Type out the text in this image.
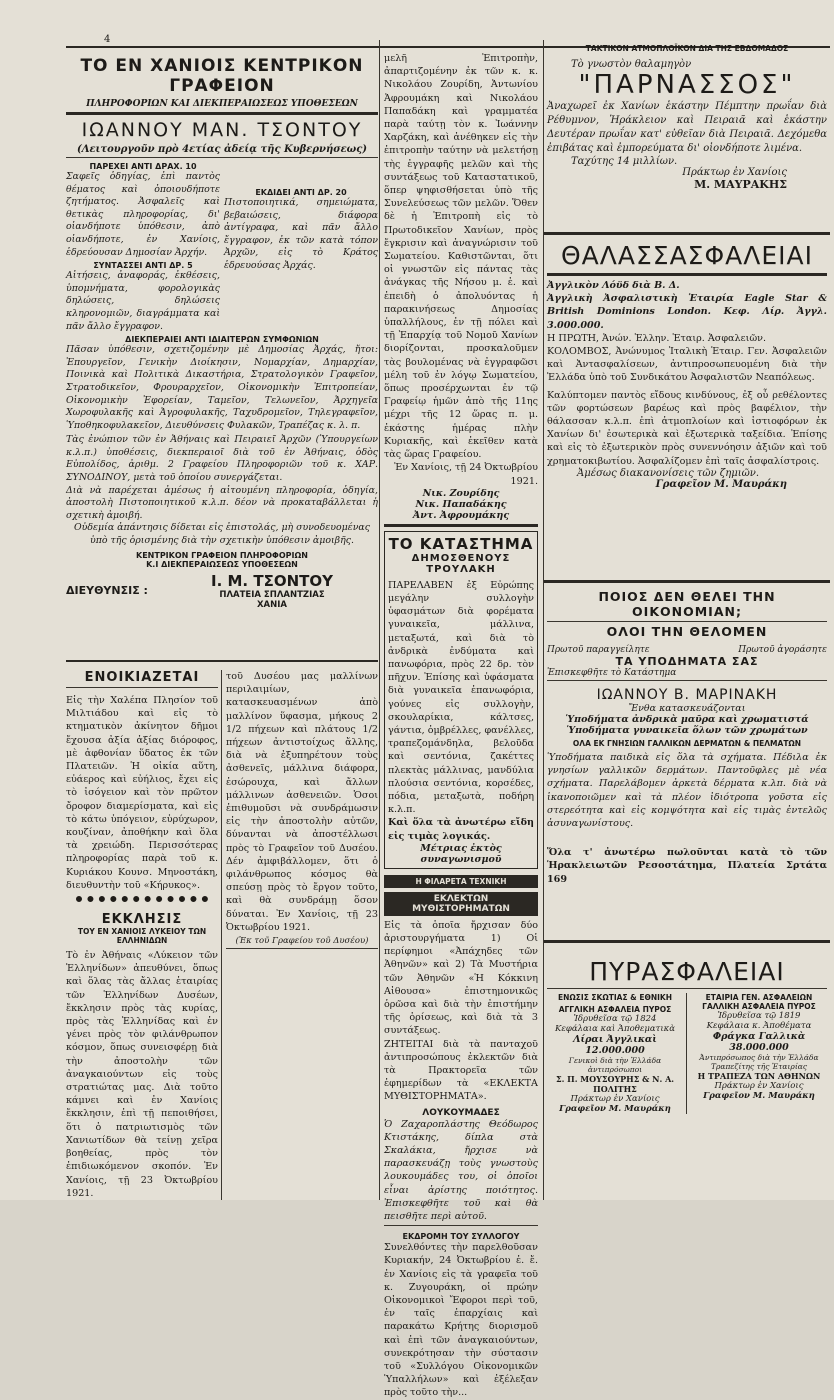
4

ΤΟ ΕΝ ΧΑΝΙΟΙΣ ΚΕΝΤΡΙΚΟΝ ΓΡΑΦΕΙΟΝ

ΠΛΗΡΟΦΟΡΙΩΝ ΚΑΙ ΔΙΕΚΠΕΡΑΙΩΣΕΩΣ ΥΠΟΘΕΣΕΩΝ

ΙΩΑΝΝΟΥ ΜΑΝ. ΤΣΟΝΤΟΥ

(Λειτουργοῦν πρὸ 4ετίας ἀδείᾳ τῆς Κυβερνήσεως)

ΠΑΡΕΧΕΙ ΑΝΤΙ ΔΡΑΧ. 10

Σαφεῖς ὁδηγίας, ἐπὶ παντὸς θέματος καὶ ὁποιουδήποτε ζητήματος. Ἀσφαλεῖς καὶ θετικὰς πληροφορίας, δι' οἱανδήποτε ὑπόθεσιν, ἀπὸ οἱανδήποτε, ἐν Χανίοις, ἑδρεύουσαν Δημοσίαν Ἀρχήν.

ΣΥΝΤΑΣΣΕΙ ΑΝΤΙ ΔΡ. 5

Αἰτήσεις, ἀναφοράς, ἐκθέσεις, ὑπομνήματα, φορολογικὰς δηλώσεις, δηλώσεις κληρονομιῶν, διαγράμματα καὶ πᾶν ἄλλο ἔγγραφον.

ΕΚΔΙΔΕΙ ΑΝΤΙ ΔΡ. 20

Πιστοποιητικά, σημειώματα, βεβαιώσεις, διάφορα ἀντίγραφα, καὶ πᾶν ἄλλο ἔγγραφον, ἐκ τῶν κατὰ τόπον Ἀρχῶν, εἰς τὸ Κράτος ἑδρευούσας Ἀρχάς.

ΔΙΕΚΠΕΡΑΙΕΙ ΑΝΤΙ ΙΔΙΑΙΤΕΡΩΝ ΣΥΜΦΩΝΙΩΝ

Πᾶσαν ὑπόθεσιν, σχετιζομένην μὲ Δημοσίας Ἀρχάς, ἤτοι: Ἐπουργεῖον, Γενικὴν Διοίκησιν, Νομαρχίαν, Δημαρχίαν, Ποινικὰ καὶ Πολιτικὰ Δικαστήρια, Στρατολογικὸν Γραφεῖον, Στρατοδικεῖον, Φρουραρχεῖον, Οἰκονομικὴν Ἐπιτροπείαν, Οἰκονομικὴν Ἐφορείαν, Ταμεῖον, Τελωνεῖον, Ἀρχηγεῖα Χωροφυλακῆς καὶ Ἀγροφυλακῆς, Ταχυδρομεῖον, Τηλεγραφεῖον, Ὑποθηκοφυλακεῖον, Διευθύνσεις Φυλακῶν, Τραπέζας κ. λ. π.

Τὰς ἐνώπιον τῶν ἐν Ἀθήναις καὶ Πειραιεῖ Ἀρχῶν (Ὑπουργείων κ.λ.π.) ὑποθέσεις, διεκπεραιοῖ διὰ τοῦ ἐν Ἀθήναις, ὁδὸς Εὐπολίδος, ἀριθμ. 2 Γραφείου Πληροφοριῶν τοῦ κ. ΧΑΡ. ΣΥΝΟΔΙΝΟΥ, μετὰ τοῦ ὁποίου συνεργάζεται.

Διὰ νὰ παρέχεται ἀμέσως ἡ αἰτουμένη πληροφορία, ὁδηγία, ἀποστολὴ Πιστοποιητικοῦ κ.λ.π. δέον νὰ προκαταβάλλεται ἡ σχετικὴ ἀμοιβή.

Οὐδεμία ἀπάντησις δίδεται εἰς ἐπιστολάς, μὴ συνοδευομένας ὑπὸ τῆς ὁρισμένης διὰ τὴν σχετικὴν ὑπόθεσιν ἀμοιβῆς.

ΚΕΝΤΡΙΚΟΝ ΓΡΑΦΕΙΟΝ ΠΛΗΡΟΦΟΡΙΩΝ

Κ.Ι ΔΙΕΚΠΕΡΑΙΩΣΕΩΣ ΥΠΟΘΕΣΕΩΝ

ΔΙΕΥΘΥΝΣΙΣ :

Ι. Μ. ΤΣΟΝΤΟΥ

ΠΛΑΤΕΙΑ ΣΠΛΑΝΤΖΙΑΣ

ΧΑΝΙΑ

ΕΝΟΙΚΙΑΖΕΤΑΙ

Εἰς τὴν Χαλέπα Πλησίον τοῦ Μιλτιάδου καὶ εἰς τὸ κτηματικὸν ἀκίνητον δῆμοι ἔχουσα ἀξία ἀξίας διόροφος, μὲ ἀφθονίαν ὕδατος ἐκ τῶν Πλατειῶν. Ἡ οἰκία αὕτη, εὐάερος καὶ εὐήλιος, ἔχει εἰς τὸ ἰσόγειον καὶ τὸν πρῶτον ὄροφον διαμερίσματα, καὶ εἰς τὸ κάτω ὑπόγειον, εὑρύχωρον, κουζίναν, ἀποθήκην καὶ ὅλα τὰ χρειώδη. Περισσότερας πληροφορίας παρὰ τοῦ κ. Κυριάκου Κουνσ. Μηνοστάκη, διευθυντὴν τοῦ «Κήρυκος».

ΕΚΚΛΗΣΙΣ

ΤΟΥ ΕΝ ΧΑΝΙΟΙΣ ΛΥΚΕΙΟΥ ΤΩΝ ΕΛΛΗΝΙΔΩΝ

Τὸ ἐν Ἀθήναις «Λύκειον τῶν Ἑλληνίδων» ἀπευθύνει, ὅπως καὶ ὅλας τὰς ἄλλας ἑταιρίας τῶν Ἑλληνίδων Δυσέων, ἔκκλησιν πρὸς τὰς κυρίας, πρὸς τὰς Ἑλληνίδας καὶ ἐν γένει πρὸς τὸν φιλάνθρωπον κόσμον, ὅπως συνεισφέρῃ διὰ τὴν ἀποστολὴν τῶν ἀναγκαιούντων εἰς τοὺς στρατιώτας μας. Διὰ τοῦτο κάμνει καὶ ἐν Χανίοις ἔκκλησιν, ἐπὶ τῇ πεποιθήσει, ὅτι ὁ πατριωτισμὸς τῶν Χανιωτίδων θὰ τείνῃ χεῖρα βοηθείας, πρὸς τὸν ἐπιδιωκόμενον σκοπόν. Ἐν Χανίοις, τῇ 23 Ὀκτωβρίου 1921.

τοῦ Δυσέου μας μαλλίνων περιλαιμίων, κατασκευασμένων ἀπὸ μαλλίνον ὕφασμα, μήκους 2 1/2 πήχεων καὶ πλάτους 1/2 πήχεων ἀντιστοίχως ἄλλης, διὰ νὰ ἐξυπηρέτουν τοὺς ἀσθενεῖς, μάλλινα διάφορα, ἐσώρουχα, καὶ ἄλλων μάλλινων ἀσθενειῶν. Ὁσοι ἐπιθυμοῦσι νὰ συνδράμωσιν εἰς τὴν ἀποστολὴν αὐτῶν, δύνανται νὰ ἀποστέλλωσι πρὸς τὸ Γραφεῖον τοῦ Δυσέου. Δέν ἀμφιβάλλομεν, ὅτι ὁ φιλάνθρωπος κόσμος θὰ σπεύσῃ πρὸς τὸ ἔργον τοῦτο, καὶ θὰ συνδράμῃ ὅσον δύναται. Ἐν Χανίοις, τῇ 23 Ὀκτωβρίου 1921.

(Ἐκ τοῦ Γραφείου τοῦ Δυσέου)

μελῆ Ἐπιτροπὴν, ἀπαρτιζομένην ἐκ τῶν κ. κ. Νικολάου Ζουρίδη, Ἀντωνίου Ἀφρουμάκη καὶ Νικολάου Παπαδάκη καὶ γραμματέα παρὰ ταύτῃ τὸν κ. Ἰωάννην Χαρζάκη, καὶ ἀνέθηκεν εἰς τὴν ἐπιτροπὴν ταύτην νὰ μελετήσῃ τὴς ἐγγραφῆς μελῶν καὶ τὴς συντάξεως τοῦ Καταστατικοῦ, ὅπερ ψηφισθήσεται ὑπὸ τῆς Συνελεύσεως τῶν μελῶν. Ὅθεν δὲ ἡ Ἐπιτροπὴ εἰς τὸ Πρωτοδικεῖον Χανίων, πρὸς ἔγκρισιν καὶ ἀναγνώρισιν τοῦ Σωματείου. Καθιστῶνται, ὅτι οἱ γνωστῶν εἰς πάντας τὰς ἀνάγκας τῆς Νήσου μ. ἑ. καὶ ἐπειδὴ ὁ ἀπολυόντας ἡ παρακινήσεως Δημοσίας ὑπαλλήλους, ἐν τῇ πόλει καὶ τῇ Ἐπαρχίᾳ τοῦ Νομοῦ Χανίων διορίζονται, προσκαλοῦμεν τὰς βουλομένας νὰ ἐγγραφῶσι μέλη τοῦ ἐν λόγῳ Σωματείου, ὅπως προσέρχωνται ἐν τῷ Γραφείῳ ἡμῶν ἀπὸ τῆς 11ης μέχρι τῆς 12 ὥρας π. μ. ἐκάστης ἡμέρας πλὴν Κυριακῆς, καὶ ἐκεῖθεν κατὰ τὰς ὥρας Γραφείου.

Ἐν Χανίοις, τῇ 24 Ὀκτωβρίου 1921.

Νικ. Ζουρίδης

Νικ. Παπαδάκης

Ἀντ. Ἀφρουμάκης

ΤΟ ΚΑΤΑΣΤΗΜΑ

ΔΗΜΟΣΘΕΝΟΥΣ ΤΡΟΥΛΑΚΗ

ΠΑΡΕΛΑΒΕΝ ἐξ Εὐρώπης μεγάλην συλλογὴν ὑφασμάτων διὰ φορέματα γυναικεῖα, μάλλινα, μεταξωτά, καὶ διὰ τὸ ἀνδρικὰ ἐνδύματα καὶ πανωφόρια, πρὸς 22 δρ. τὸν πῆχυν. Ἐπίσης καὶ ὑφάσματα διὰ γυναικεῖα ἐπανωφόρια, γούνες εἰς συλλογὴν, σκουλαρίκια, κάλτσες, γάντια, ὀμβρέλλες, φανέλλες, τραπεζομάνδηλα, βελοῦδα καὶ σεντόνια, ζακέττες πλεκτὰς μάλλινας, μανδύλια πλούσια σεντόνια, κορσέδες, πόδια, μεταξωτὰ, ποδήρη κ.λ.π.

Καὶ ὅλα τὰ ἀνωτέρω εἴδη εἰς τιμὰς λογικάς.

Μέτριας ἐκτὸς συναγωνισμοῦ

Η ΦΙΛΑΡΕΤΑ ΤΕΧΝΙΚΗ

ΕΚΛΕΚΤΩΝ ΜΥΘΙΣΤΟΡΗΜΑΤΩΝ

Εἰς τὰ ὁποῖα ἤρχισαν δύο ἀριστουργήματα 1) Οἱ περίφημοι «Ἀπάχηδες τῶν Ἀθηνῶν» καὶ 2) Τὰ Μυστήρια τῶν Ἀθηνῶν «Ἡ Κόκκινη Αἰθουσα» ἐπιστημονικῶς ὁρῶσα καὶ διὰ τὴν ἐπιστήμην τῆς ὁρίσεως, καὶ διὰ τὰ 3 συντάξεως.

ΖΗΤΕΙΤΑΙ διὰ τὰ πανταχοῦ ἀντιπροσώπους ἐκλεκτῶν διὰ τὰ Πρακτορεῖα τῶν ἐφημερίδων τὰ «ΕΚΛΕΚΤΑ ΜΥΘΙΣΤΟΡΗΜΑΤΑ».

ΛΟΥΚΟΥΜΑΔΕΣ

Ὁ Ζαχαροπλάστης Θεόδωρος Κτιστάκης, δίπλα στὰ Σκαλάκια, ἤρχισε νὰ παρασκευάζῃ τοὺς γνωστοὺς λουκουμάδες του, οἱ ὁποῖοι εἶναι ἀρίστης ποιότητος. Ἐπισκεφθῆτε τοῦ καὶ θὰ πεισθῆτε περὶ αὐτοῦ.

ΕΚΔΡΟΜΗ ΤΟΥ ΣΥΛΛΟΓΟΥ

Συνελθόντες τὴν παρελθοῦσαν Κυριακήν, 24 Ὀκτωβρίου ἐ. ἔ. ἐν Χανίοις εἰς τὰ γραφεῖα τοῦ κ. Ζυγουράκη, οἱ πρώην Οἰκονομικοὶ Ἔφοροι περὶ τοῦ, ἐν ταῖς ἐπαρχίαις καὶ παρακάτω Κρήτης διορισμοῦ καὶ ἐπὶ τῶν ἀναγκαιούντων, συνεκρότησαν τὴν σύστασιν τοῦ «Συλλόγου Οἰκονομικῶν Ὑπαλλήλων» καὶ ἐξέλεξαν πρὸς τοῦτο τὴν...

ΤΑΚΤΙΚΟΝ ΑΤΜΟΠΛΟΪΚΟΝ ΔΙΑ ΤΗΣ ΕΒΔΟΜΑΔΟΣ

Τὸ γνωστὸν θαλαμηγὸν

"ΠΑΡΝΑΣΣΟΣ"

Ἀναχωρεῖ ἐκ Χανίων ἑκάστην Πέμπτην πρωΐαν διὰ Ρέθυμνον, Ἡράκλειον καὶ Πειραιᾶ καὶ ἑκάστην Δευτέραν πρωΐαν κατ' εὐθεῖαν διὰ Πειραιᾶ. Δεχόμεθα ἐπιβάτας καὶ ἐμπορεύματα δι' οἱονδήποτε λιμένα.

Ταχύτης 14 μιλλίων.

Πράκτωρ ἐν Χανίοις

Μ. ΜΑΥΡΑΚΗΣ

ΘΑΛΑΣΣΑΣΦΑΛΕΙΑΙ

Ἀγγλικὸν Λόϋδ διὰ Β. Δ.

Ἀγγλικὴ Ἀσφαλιστικὴ Ἑταιρία Eagle Star & British Dominions London. Κεφ. Λίρ. Ἀγγλ. 3.000.000.

Η ΠΡΩΤΗ, Ἀνών. Ἑλλην. Ἑταιρ. Ἀσφαλειῶν.

ΚΟΛΟΜΒΟΣ, Ἀνώνυμος Ἰταλικὴ Ἑταιρ. Γεν. Ἀσφαλειῶν καὶ Ἀντασφαλίσεων, ἀντιπροσωπευομένη διὰ τὴν Ἑλλάδα ὑπὸ τοῦ Συνδικάτου Ἀσφαλιστῶν Νεαπόλεως.

Καλύπτομεν παντὸς εἴδους κινδύνους, ἐξ οὗ ρεθέλοντες τῶν φορτώσεων βαρέως καὶ πρὸς βαφέλιον, τὴν θάλασσαν κ.λ.π. ἐπὶ ἀτμοπλοίων καὶ ἱστιοφόρων ἐκ Χανίων δι' ἐσωτερικὰ καὶ ἐξωτερικὰ ταξείδια. Ἐπίσης καὶ εἰς τὸ ἐξωτερικὸν πρὸς συνεννόησιν ἀξιῶν καὶ τοῦ χρηματοκιβωτίου. Ἀσφαλίζομεν ἐπὶ ταῖς ἀσφαλίστροις.

Ἀμέσως διακανονίσεις τῶν ζημιῶν.

Γραφεῖον Μ. Μαυράκη

ΠΟΙΟΣ ΔΕΝ ΘΕΛΕΙ ΤΗΝ ΟΙΚΟΝΟΜΙΑΝ;

ΟΛΟΙ ΤΗΝ ΘΕΛΟΜΕΝ

Πρωτοῦ παραγγείλητε	Πρωτοῦ ἀγοράσητε

ΤΑ ΥΠΟΔΗΜΑΤΑ ΣΑΣ

Ἐπισκεφθῆτε τὸ Κατάστημα

ΙΩΑΝΝΟΥ Β. ΜΑΡΙΝΑΚΗ

Ἔνθα κατασκευάζονται

Ὑποδήματα ἀνδρικὰ μαῦρα καὶ χρωματιστά

Ὑποδήματα γυναικεῖα ὅλων τῶν χρωμάτων

ΟΛΑ ΕΚ ΓΝΗΣΙΩΝ ΓΑΛΛΙΚΩΝ ΔΕΡΜΑΤΩΝ & ΠΕΛΜΑΤΩΝ

Ὑποδήματα παιδικὰ εἰς ὅλα τὰ σχήματα. Πέδιλα ἐκ γνησίων γαλλικῶν δερμάτων. Παντοῦφλες μὲ νέα σχήματα. Παρελάβομεν ἀρκετὰ δέρματα κ.λπ. διὰ νὰ ἱκανοποιῶμεν καὶ τὰ πλέον ἰδιότροπα γοῦστα εἰς στερεότητα καὶ εἰς κομψότητα καὶ εἰς τιμὰς ἐντελῶς ἀσυναγωνίστους.

Ὅλα τ' ἀνωτέρω πωλοῦνται κατὰ τὸ τῶν Ἡρακλειωτῶν Ρεσοστάτημα, Πλατεία Σρτάτα 169

ΠΥΡΑΣΦΑΛΕΙΑΙ

ΕΝΩΣΙΣ ΣΚΩΤΙΑΣ & ΕΘΝΙΚΗ

ΑΓΓΛΙΚΗ ΑΣΦΑΛΕΙΑ ΠΥΡΟΣ

Ἱδρυθεῖσα τῷ 1824

Κεφάλαια καὶ Ἀποθεματικὰ

Λίραι Ἀγγλικαὶ 12.000.000

Γενικοὶ διὰ τὴν Ἑλλάδα ἀντιπρόσωποι

Σ. Π. ΜΟΥΣΟΥΡΗΣ & Ν. Α. ΠΟΛΙΤΗΣ

Πράκτωρ ἐν Χανίοις

Γραφεῖον Μ. Μαυράκη

ΕΤΑΙΡΙΑ ΓΕΝ. ΑΣΦΑΛΕΙΩΝ ΓΑΛΛΙΚΗ ΑΣΦΑΛΕΙΑ ΠΥΡΟΣ

Ἱδρυθεῖσα τῷ 1819

Κεφάλαια κ. Ἀποθέματα

Φράγκα Γαλλικὰ 38.000.000

Ἀντιπρόσωπος διὰ τὴν Ἑλλάδα Τραπεζίτης τῆς Ἐταιρίας

Η ΤΡΑΠΕΖΑ ΤΩΝ ΑΘΗΝΩΝ

Πράκτωρ ἐν Χανίοις

Γραφεῖον Μ. Μαυράκη
